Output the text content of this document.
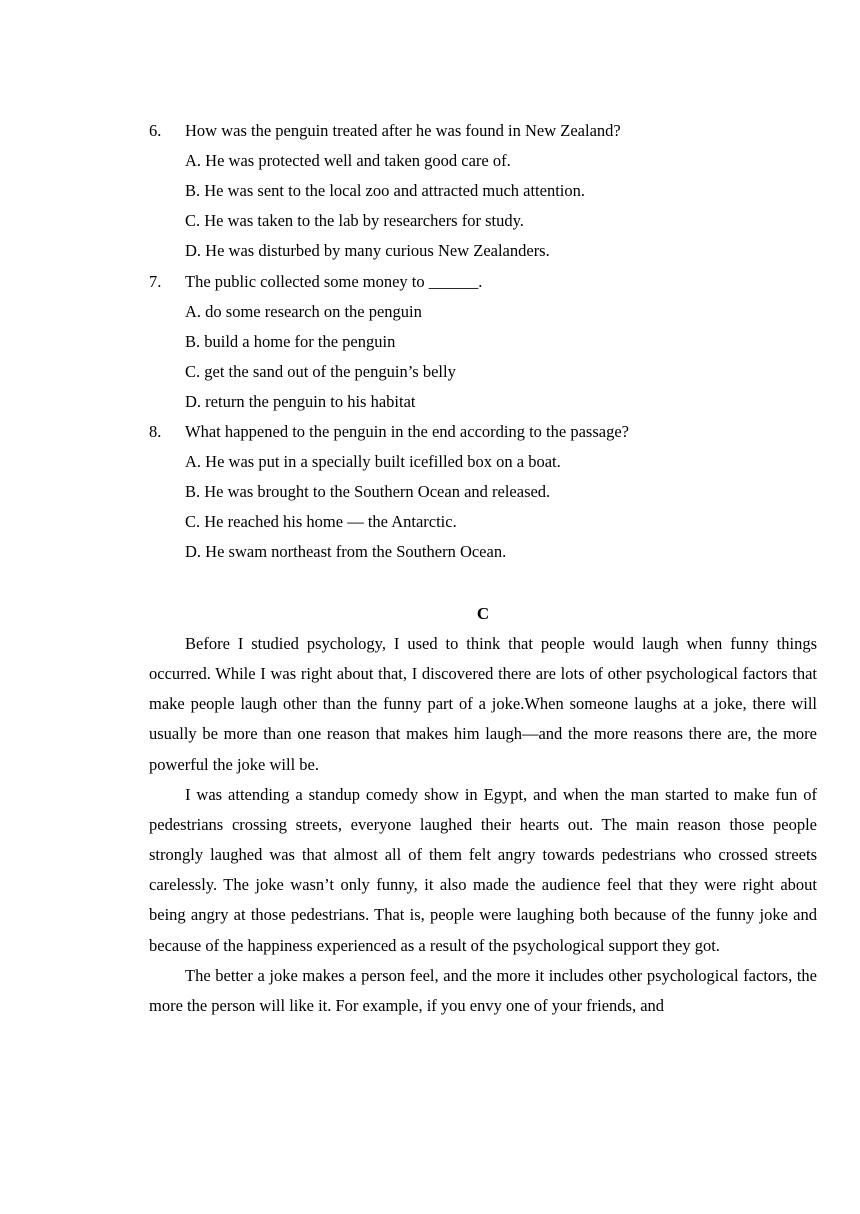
6. How was the penguin treated after he was found in New Zealand?
A. He was protected well and taken good care of.
B. He was sent to the local zoo and attracted much attention.
C. He was taken to the lab by researchers for study.
D. He was disturbed by many curious New Zealanders.
7. The public collected some money to ______.
A. do some research on the penguin
B. build a home for the penguin
C. get the sand out of the penguin’s belly
D. return the penguin to his habitat
8. What happened to the penguin in the end according to the passage?
A. He was put in a specially built icefilled box on a boat.
B. He was brought to the Southern Ocean and released.
C. He reached his home — the Antarctic.
D. He swam northeast from the Southern Ocean.
C

Before I studied psychology, I used to think that people would laugh when funny things occurred. While I was right about that, I discovered there are lots of other psychological factors that make people laugh other than the funny part of a joke.When someone laughs at a joke, there will usually be more than one reason that makes him laugh—and the more reasons there are, the more powerful the joke will be.

I was attending a standup comedy show in Egypt, and when the man started to make fun of pedestrians crossing streets, everyone laughed their hearts out. The main reason those people strongly laughed was that almost all of them felt angry towards pedestrians who crossed streets carelessly. The joke wasn’t only funny, it also made the audience feel that they were right about being angry at those pedestrians. That is, people were laughing both because of the funny joke and because of the happiness experienced as a result of the psychological support they got.

The better a joke makes a person feel, and the more it includes other psychological factors, the more the person will like it. For example, if you envy one of your friends, and
